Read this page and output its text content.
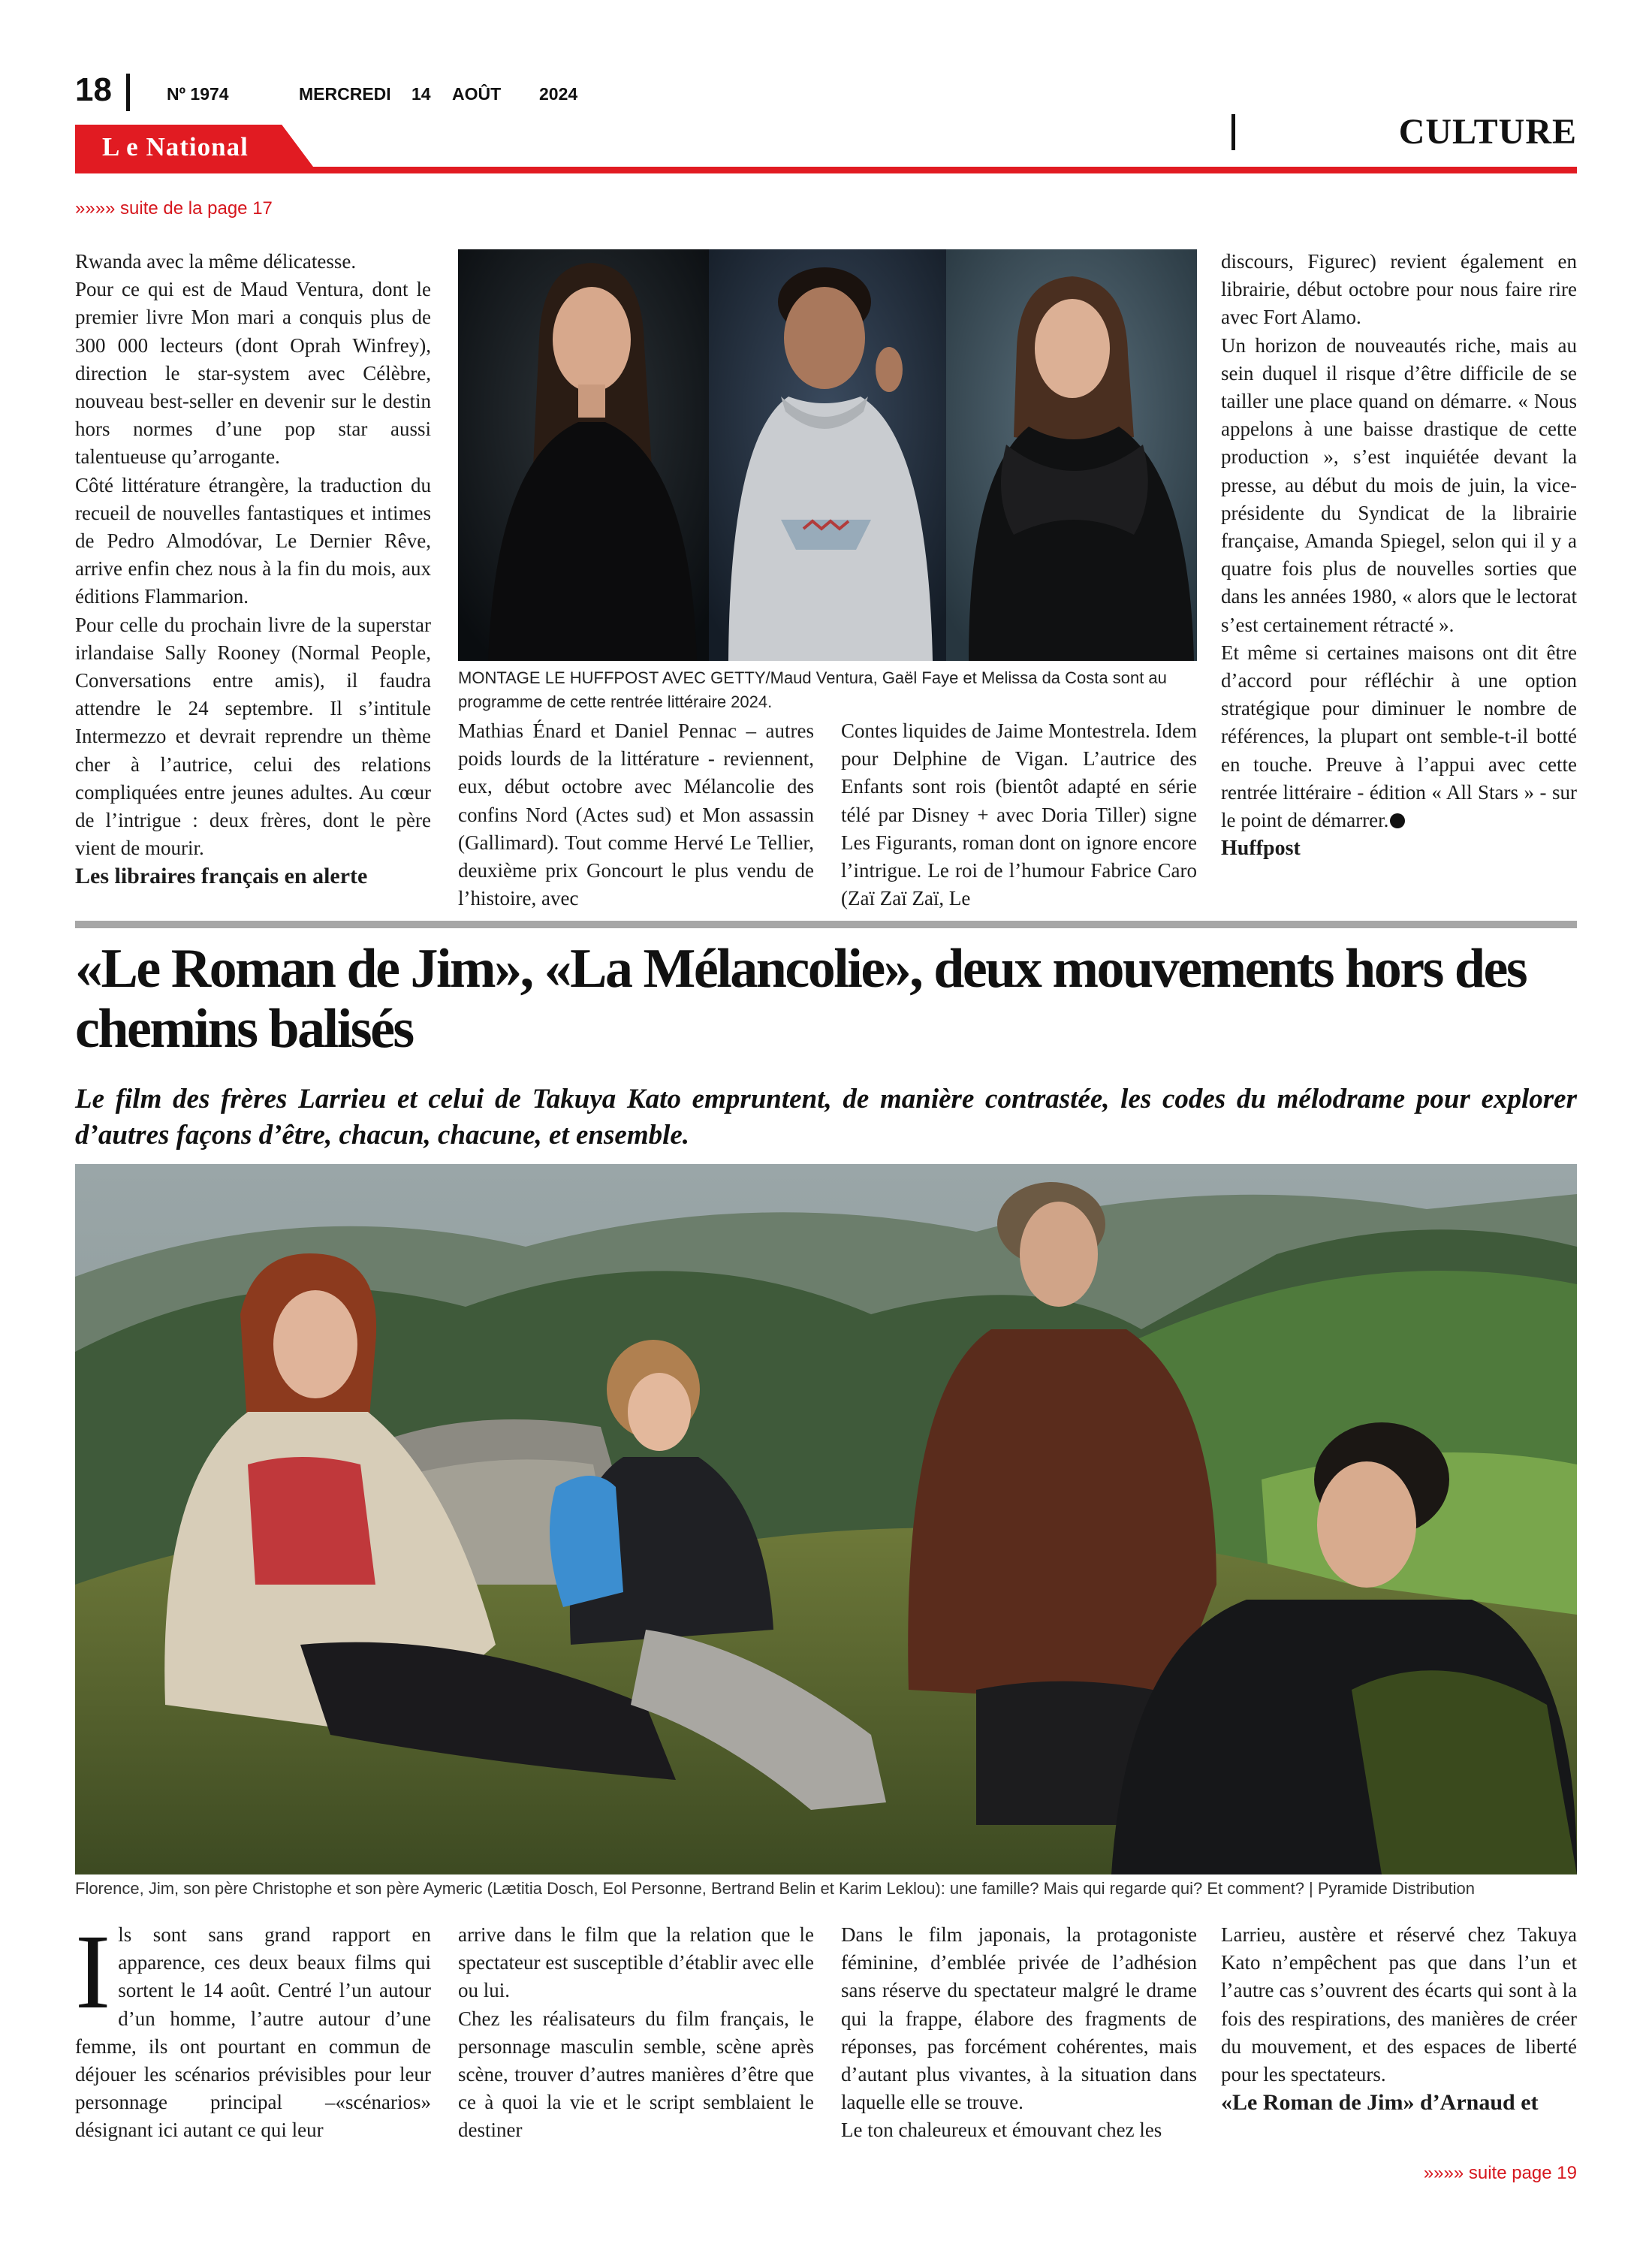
18	Nº 1974	MERCREDI 14 AOÛT 2024
L e National	CULTURE
»»»» suite de la page 17

Rwanda avec la même délicatesse.

Pour ce qui est de Maud Ventura, dont le premier livre Mon mari a conquis plus de 300 000 lecteurs (dont Oprah Winfrey), direction le star-system avec Célèbre, nouveau best-seller en devenir sur le destin hors normes d’une pop star aussi talentueuse qu’arrogante.

Côté littérature étrangère, la traduction du recueil de nouvelles fantastiques et intimes de Pedro Almodóvar, Le Dernier Rêve, arrive enfin chez nous à la fin du mois, aux éditions Flammarion.

Pour celle du prochain livre de la superstar irlandaise Sally Rooney (Normal People, Conversations entre amis), il faudra attendre le 24 septembre. Il s’intitule Intermezzo et devrait reprendre un thème cher à l’autrice, celui des relations compliquées entre jeunes adultes. Au cœur de l’intrigue : deux frères, dont le père vient de mourir.

Les libraires français en alerte

MONTAGE LE HUFFPOST AVEC GETTY/Maud Ventura, Gaël Faye et Melissa da Costa sont au programme de cette rentrée littéraire 2024.

Mathias Énard et Daniel Pennac – autres poids lourds de la littérature - reviennent, eux, début octobre avec Mélancolie des confins Nord (Actes sud) et Mon assassin (Gallimard). Tout comme Hervé Le Tellier, deuxième prix Goncourt le plus vendu de l’histoire, avec

Contes liquides de Jaime Montestrela. Idem pour Delphine de Vigan. L’autrice des Enfants sont rois (bientôt adapté en série télé par Disney + avec Doria Tiller) signe Les Figurants, roman dont on ignore encore l’intrigue. Le roi de l’humour Fabrice Caro (Zaï Zaï Zaï, Le

discours, Figurec) revient également en librairie, début octobre pour nous faire rire avec Fort Alamo.

Un horizon de nouveautés riche, mais au sein duquel il risque d’être difficile de se tailler une place quand on démarre. « Nous appelons à une baisse drastique de cette production », s’est inquiétée devant la presse, au début du mois de juin, la vice-présidente du Syndicat de la librairie française, Amanda Spiegel, selon qui il y a quatre fois plus de nouvelles sorties que dans les années 1980, « alors que le lectorat s’est certainement rétracté ».

Et même si certaines maisons ont dit être d’accord pour réfléchir à une option stratégique pour diminuer le nombre de références, la plupart ont semble-t-il botté en touche. Preuve à l’appui avec cette rentrée littéraire - édition « All Stars » - sur le point de démarrer.

Huffpost

«Le Roman de Jim», «La Mélancolie», deux mouvements hors des chemins balisés

Le film des frères Larrieu et celui de Takuya Kato empruntent, de manière contrastée, les codes du mélodrame pour explorer d’autres façons d’être, chacun, chacune, et ensemble.

Florence, Jim, son père Christophe et son père Aymeric (Lætitia Dosch, Eol Personne, Bertrand Belin et Karim Leklou): une famille? Mais qui regarde qui? Et comment? | Pyramide Distribution

Ils sont sans grand rapport en apparence, ces deux beaux films qui sortent le 14 août. Centré l’un autour d’un homme, l’autre autour d’une femme, ils ont pourtant en commun de déjouer les scénarios prévisibles pour leur personnage principal –«scénarios» désignant ici autant ce qui leur

arrive dans le film que la relation que le spectateur est susceptible d’établir avec elle ou lui.

Chez les réalisateurs du film français, le personnage masculin semble, scène après scène, trouver d’autres manières d’être que ce à quoi la vie et le script semblaient le destiner

Dans le film japonais, la protagoniste féminine, d’emblée privée de l’adhésion sans réserve du spectateur malgré le drame qui la frappe, élabore des fragments de réponses, pas forcément cohérentes, mais d’autant plus vivantes, à la situation dans laquelle elle se trouve.

Le ton chaleureux et émouvant chez les

Larrieu, austère et réservé chez Takuya Kato n’empêchent pas que dans l’un et l’autre cas s’ouvrent des écarts qui sont à la fois des respirations, des manières de créer du mouvement, et des espaces de liberté pour les spectateurs.

«Le Roman de Jim» d’Arnaud et

»»»» suite page 19
